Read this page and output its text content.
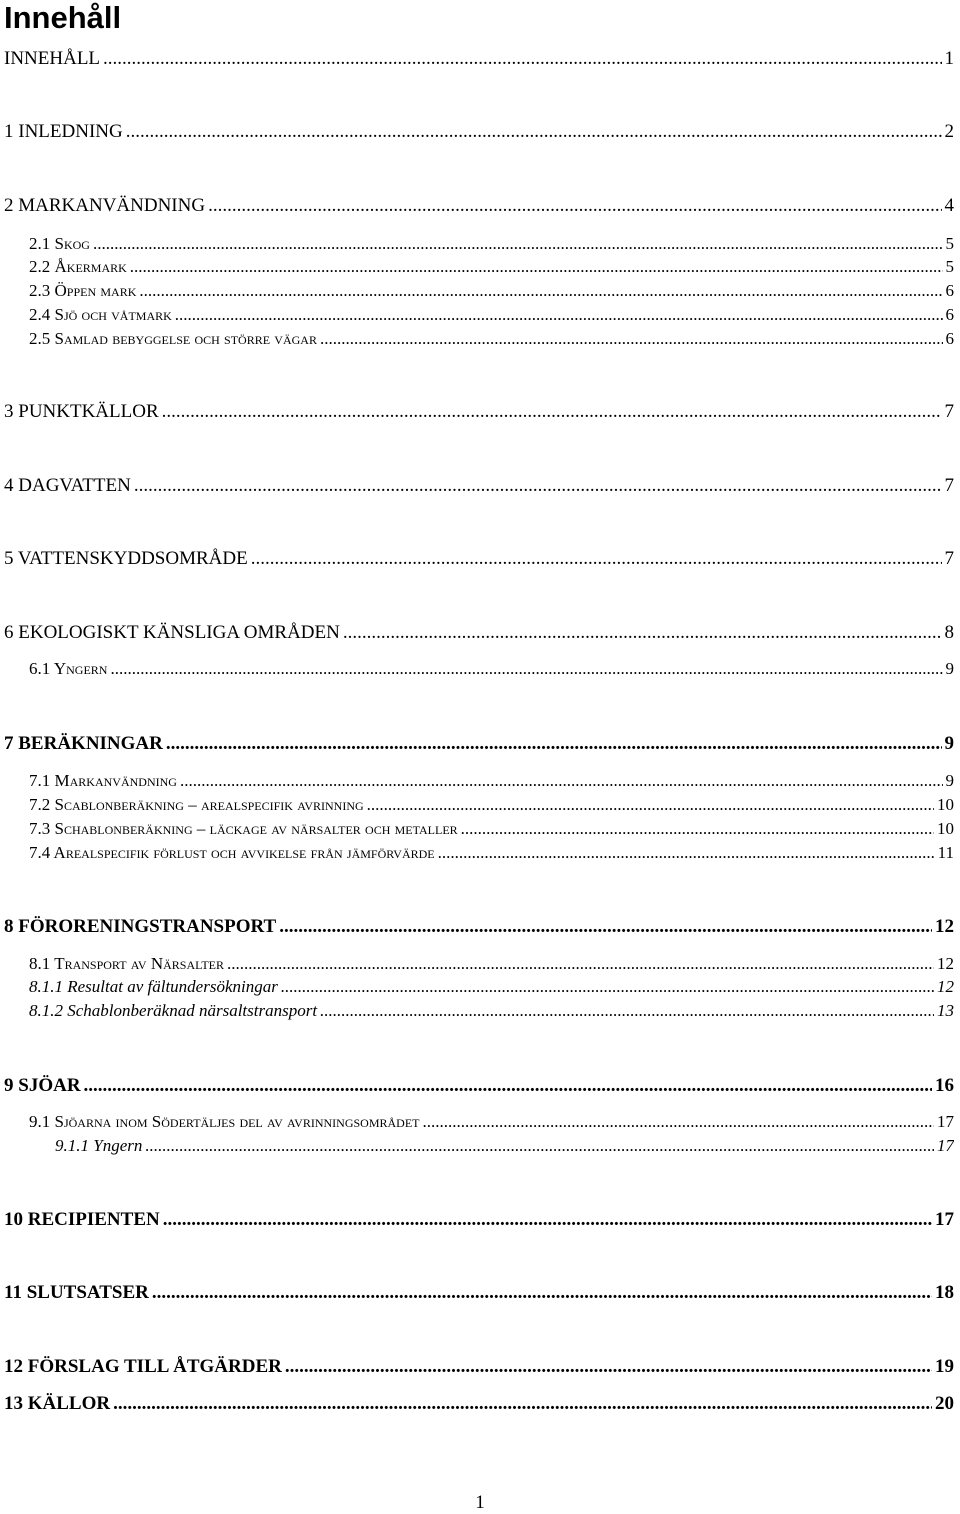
Innehåll
INNEHÅLL .....	1
1 INLEDNING .....	2
2 MARKANVÄNDNING .....	4
2.1 Skog .....	5
2.2 Åkermark .....	5
2.3 Öppen mark .....	6
2.4 Sjö och våtmark .....	6
2.5 Samlad bebyggelse och större vägar .....	6
3 PUNKTKÄLLOR .....	7
4 DAGVATTEN .....	7
5 VATTENSKYDDSOMRÅDE .....	7
6 EKOLOGISKT KÄNSLIGA OMRÅDEN .....	8
6.1 Yngern .....	9
7 BERÄKNINGAR .....	9
7.1 Markanvändning .....	9
7.2 Scablonberäkning – arealspecifik avrinning .....	10
7.3 Schablonberäkning – läckage av närsalter och metaller .....	10
7.4 Arealspecifik förlust och avvikelse från jämförvärde .....	11
8 FÖRORENINGSTRANSPORT .....	12
8.1 Transport av Närsalter .....	12
8.1.1 Resultat av fältundersökningar .....	12
8.1.2 Schablonberäknad närsaltstransport .....	13
9 SJÖAR .....	16
9.1 Sjöarna inom Södertäljes del av avrinningsområdet .....	17
9.1.1 Yngern .....	17
10 RECIPIENTEN .....	17
11 SLUTSATSER .....	18
12 FÖRSLAG TILL ÅTGÄRDER .....	19
13 KÄLLOR .....	20
1
